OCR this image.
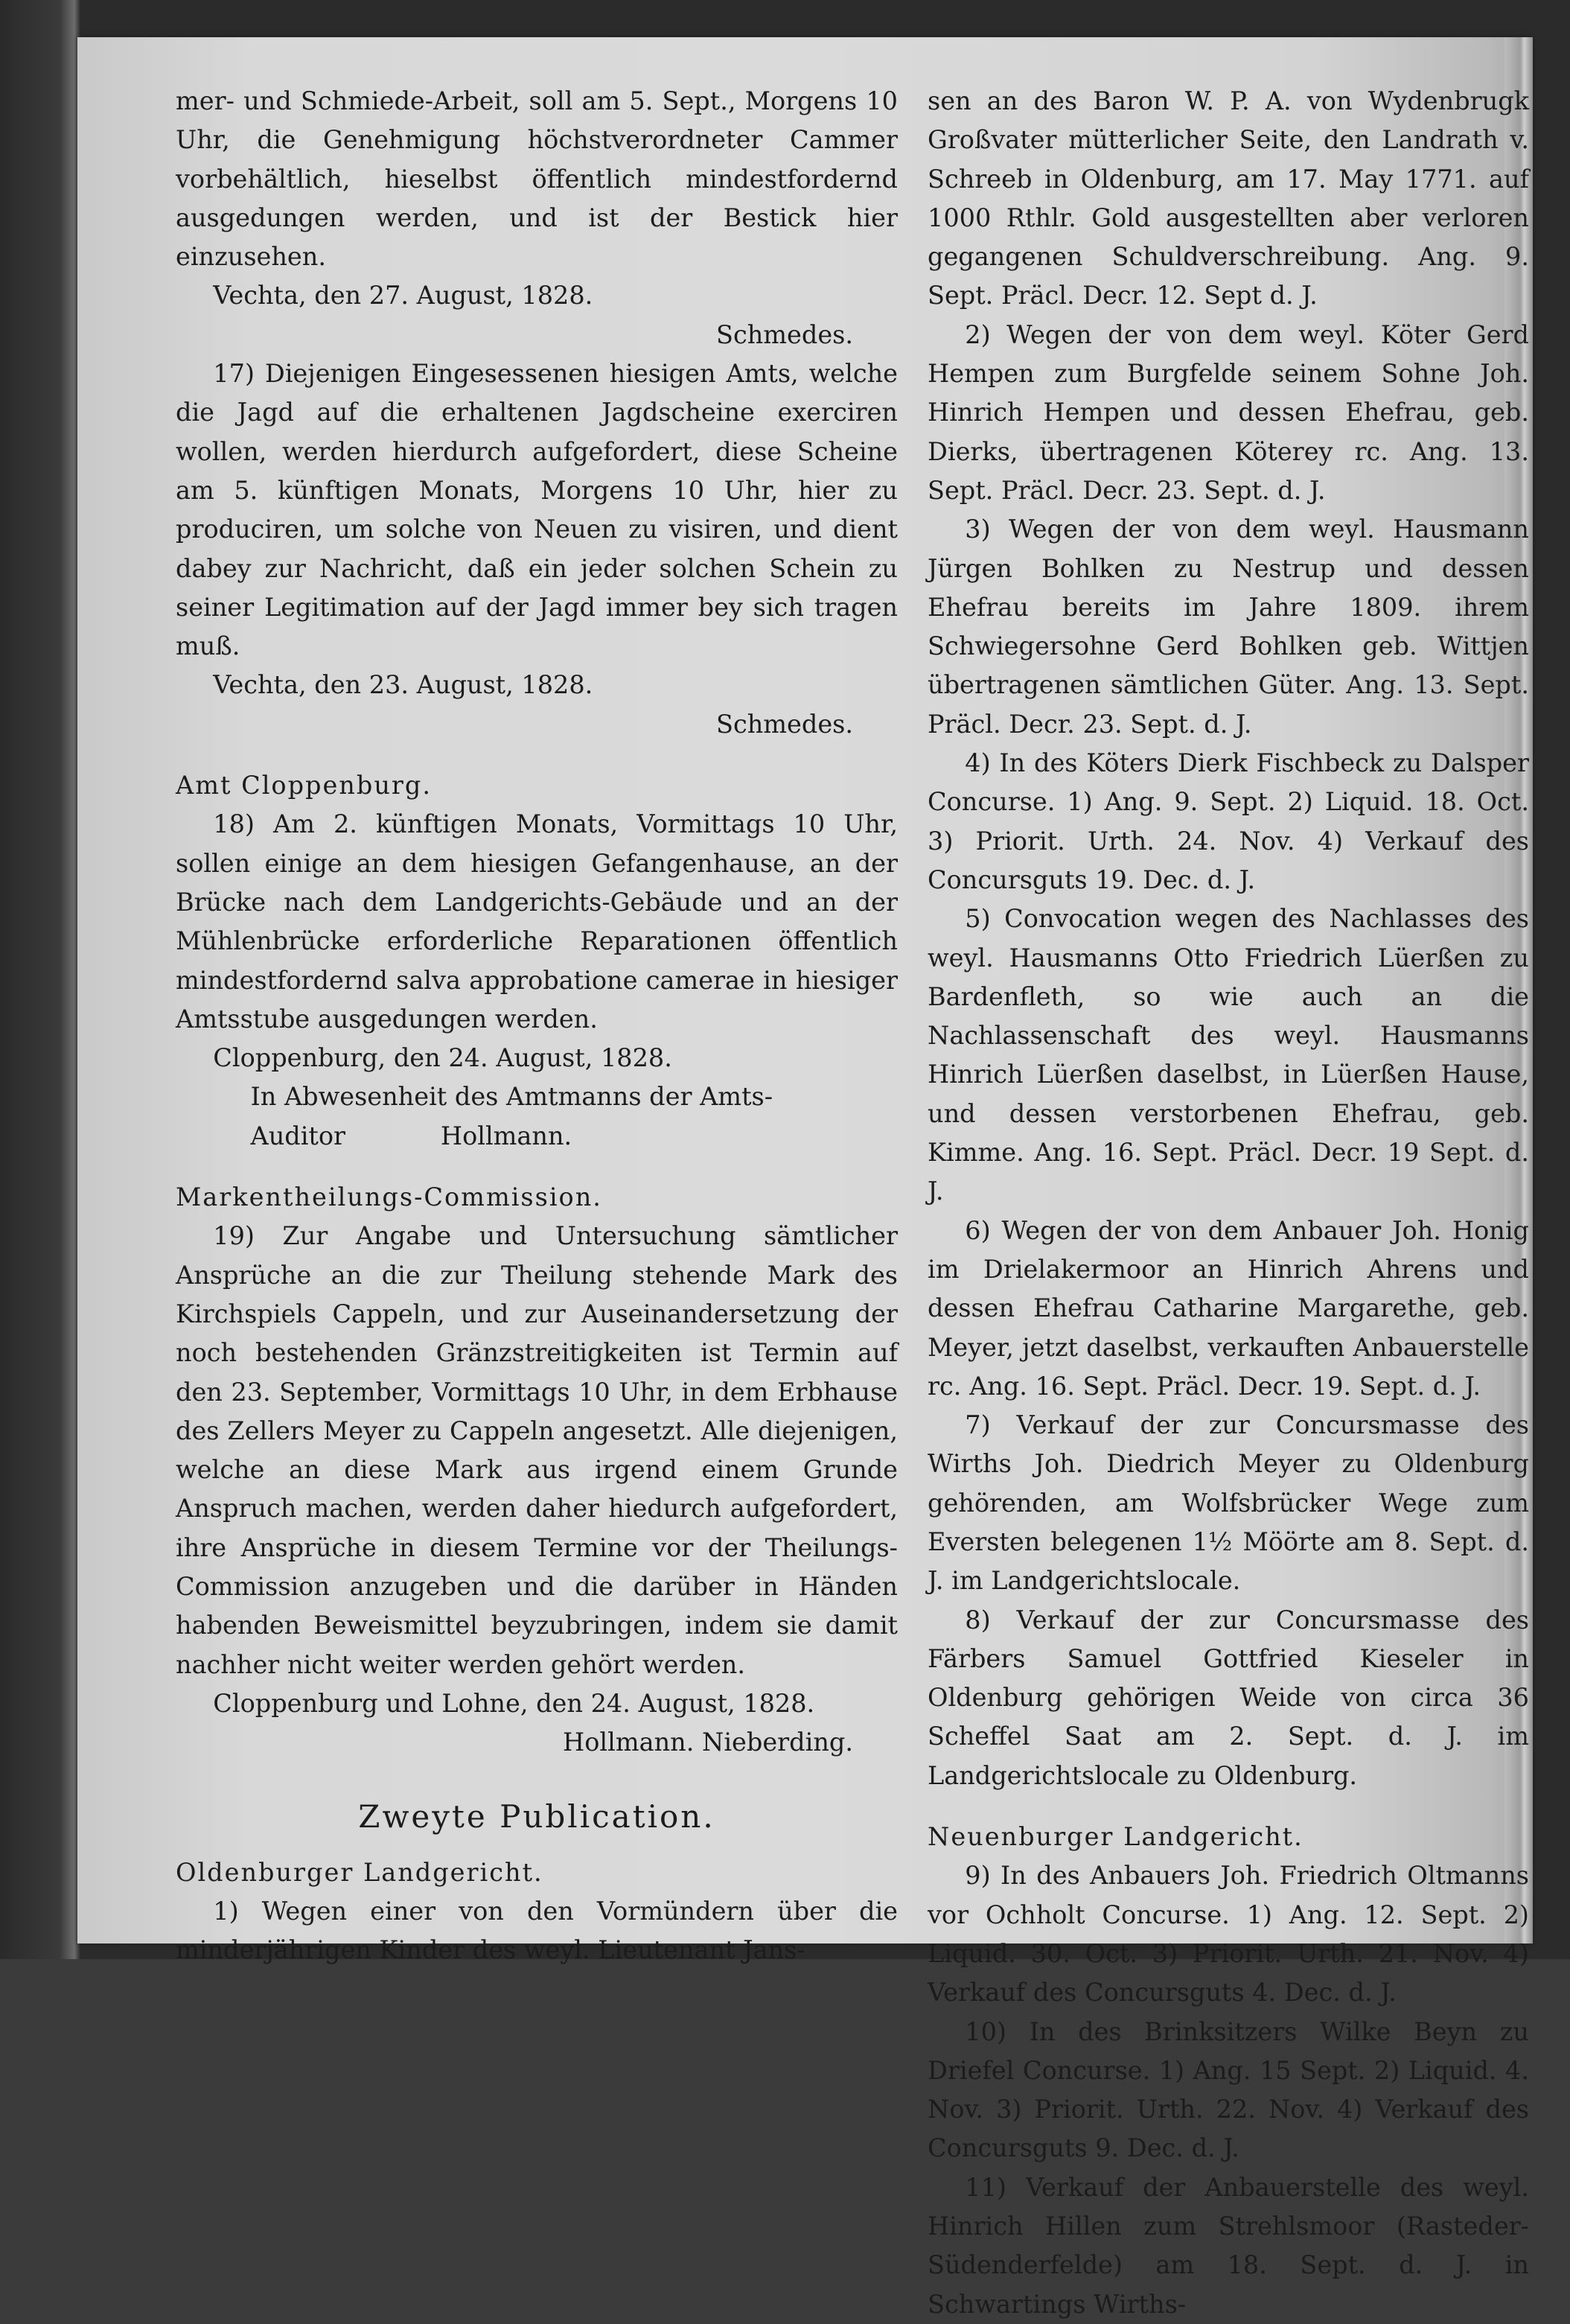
mer- und Schmiede-Arbeit, soll am 5. Sept., Morgens 10 Uhr, die Genehmigung höchstverordneter Cammer vorbehältlich, hieselbst öffentlich mindestfordernd ausgedungen werden, und ist der Bestick hier einzusehen.

Vechta, den 27. August, 1828.

Schmedes.

17) Diejenigen Eingesessenen hiesigen Amts, welche die Jagd auf die erhaltenen Jagdscheine exerciren wollen, werden hierdurch aufgefordert, diese Scheine am 5. künftigen Monats, Morgens 10 Uhr, hier zu produciren, um solche von Neuen zu visiren, und dient dabey zur Nachricht, daß ein jeder solchen Schein zu seiner Legitimation auf der Jagd immer bey sich tragen muß.

Vechta, den 23. August, 1828.

Schmedes.

Amt Cloppenburg.

18) Am 2. künftigen Monats, Vormittags 10 Uhr, sollen einige an dem hiesigen Gefangenhause, an der Brücke nach dem Landgerichts-Gebäude und an der Mühlenbrücke erforderliche Reparationen öffentlich mindestfordernd salva approbatione camerae in hiesiger Amtsstube ausgedungen werden.

Cloppenburg, den 24. August, 1828.

In Abwesenheit des Amtmanns der Amts-

Auditor            Hollmann.

Markentheilungs-Commission.

19) Zur Angabe und Untersuchung sämtlicher Ansprüche an die zur Theilung stehende Mark des Kirchspiels Cappeln, und zur Auseinandersetzung der noch bestehenden Gränzstreitigkeiten ist Termin auf den 23. September, Vormittags 10 Uhr, in dem Erbhause des Zellers Meyer zu Cappeln angesetzt. Alle diejenigen, welche an diese Mark aus irgend einem Grunde Anspruch machen, werden daher hiedurch aufgefordert, ihre Ansprüche in diesem Termine vor der Theilungs-Commission anzugeben und die darüber in Händen habenden Beweismittel beyzubringen, indem sie damit nachher nicht weiter werden gehört werden.

Cloppenburg und Lohne, den 24. August, 1828.

Hollmann. Nieberding.

Zweyte Publication.

Oldenburger Landgericht.

1) Wegen einer von den Vormündern über die minderjährigen Kinder des weyl. Lieutenant Jans-

sen an des Baron W. P. A. von Wydenbrugk Großvater mütterlicher Seite, den Landrath v. Schreeb in Oldenburg, am 17. May 1771. auf 1000 Rthlr. Gold ausgestellten aber verloren gegangenen Schuldverschreibung. Ang. 9. Sept. Präcl. Decr. 12. Sept d. J.

2) Wegen der von dem weyl. Köter Gerd Hempen zum Burgfelde seinem Sohne Joh. Hinrich Hempen und dessen Ehefrau, geb. Dierks, übertragenen Köterey rc. Ang. 13. Sept. Präcl. Decr. 23. Sept. d. J.

3) Wegen der von dem weyl. Hausmann Jürgen Bohlken zu Nestrup und dessen Ehefrau bereits im Jahre 1809. ihrem Schwiegersohne Gerd Bohlken geb. Wittjen übertragenen sämtlichen Güter. Ang. 13. Sept. Präcl. Decr. 23. Sept. d. J.

4) In des Köters Dierk Fischbeck zu Dalsper Concurse. 1) Ang. 9. Sept. 2) Liquid. 18. Oct. 3) Priorit. Urth. 24. Nov. 4) Verkauf des Concursguts 19. Dec. d. J.

5) Convocation wegen des Nachlasses des weyl. Hausmanns Otto Friedrich Lüerßen zu Bardenfleth, so wie auch an die Nachlassenschaft des weyl. Hausmanns Hinrich Lüerßen daselbst, in Lüerßen Hause, und dessen verstorbenen Ehefrau, geb. Kimme. Ang. 16. Sept. Präcl. Decr. 19 Sept. d. J.

6) Wegen der von dem Anbauer Joh. Honig im Drielakermoor an Hinrich Ahrens und dessen Ehefrau Catharine Margarethe, geb. Meyer, jetzt daselbst, verkauften Anbauerstelle rc. Ang. 16. Sept. Präcl. Decr. 19. Sept. d. J.

7) Verkauf der zur Concursmasse des Wirths Joh. Diedrich Meyer zu Oldenburg gehörenden, am Wolfsbrücker Wege zum Eversten belegenen 1½ Möörte am 8. Sept. d. J. im Landgerichtslocale.

8) Verkauf der zur Concursmasse des Färbers Samuel Gottfried Kieseler in Oldenburg gehörigen Weide von circa 36 Scheffel Saat am 2. Sept. d. J. im Landgerichtslocale zu Oldenburg.

Neuenburger Landgericht.

9) In des Anbauers Joh. Friedrich Oltmanns vor Ochholt Concurse. 1) Ang. 12. Sept. 2) Liquid. 30. Oct. 3) Priorit. Urth. 21. Nov. 4) Verkauf des Concursguts 4. Dec. d. J.

10) In des Brinksitzers Wilke Beyn zu Driefel Concurse. 1) Ang. 15 Sept. 2) Liquid. 4. Nov. 3) Priorit. Urth. 22. Nov. 4) Verkauf des Concursguts 9. Dec. d. J.

11) Verkauf der Anbauerstelle des weyl. Hinrich Hillen zum Strehlsmoor (Rasteder-Südenderfelde) am 18. Sept. d. J. in Schwartings Wirths-
